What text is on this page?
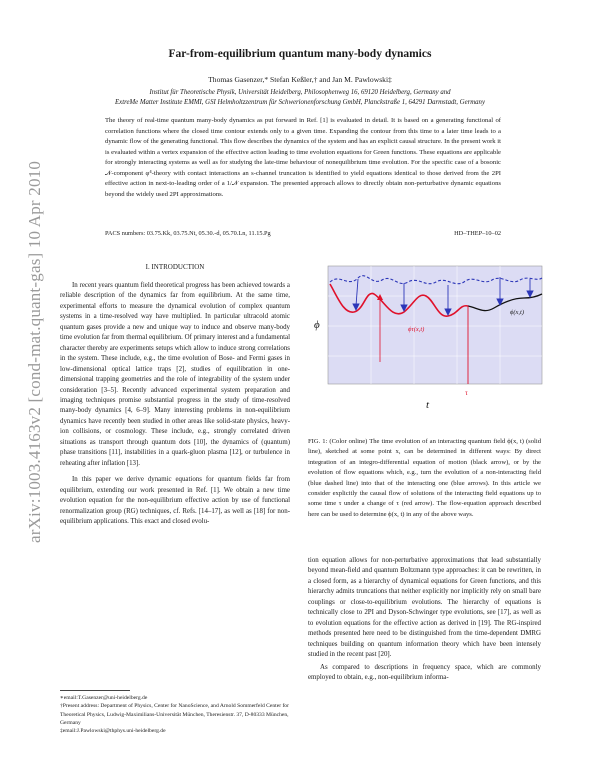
arXiv:1003.4163v2 [cond-mat.quant-gas] 10 Apr 2010
Far-from-equilibrium quantum many-body dynamics
Thomas Gasenzer,* Stefan Keßler,† and Jan M. Pawlowski‡
Institut für Theoretische Physik, Universität Heidelberg, Philosophenweg 16, 69120 Heidelberg, Germany and
ExtreMe Matter Institute EMMI, GSI Helmholtzzentrum für Schwerionenforschung GmbH, Planckstraße 1, 64291 Darmstadt, Germany
The theory of real-time quantum many-body dynamics as put forward in Ref. [1] is evaluated in detail. It is based on a generating functional of correlation functions where the closed time contour extends only to a given time. Expanding the contour from this time to a later time leads to a dynamic flow of the generating functional. This flow describes the dynamics of the system and has an explicit causal structure. In the present work it is evaluated within a vertex expansion of the effective action leading to time evolution equations for Green functions. These equations are applicable for strongly interacting systems as well as for studying the late-time behaviour of nonequilibrium time evolution. For the specific case of a bosonic 𝒩-component φ⁴-theory with contact interactions an s-channel truncation is identified to yield equations identical to those derived from the 2PI effective action in next-to-leading order of a 1/𝒩 expansion. The presented approach allows to directly obtain non-perturbative dynamic equations beyond the widely used 2PI approximations.
PACS numbers: 03.75.Kk, 03.75.Nt, 05.30.-d, 05.70.Ln, 11.15.Pg	HD–THEP–10–02
I. INTRODUCTION

In recent years quantum field theoretical progress has been achieved towards a reliable description of the dynamics far from equilibrium. At the same time, experimental efforts to measure the dynamical evolution of complex quantum systems in a time-resolved way have multiplied. In particular ultracold atomic quantum gases provide a new and unique way to induce and observe many-body time evolution far from thermal equilibrium. Of primary interest and a fundamental character thereby are experiments setups which allow to induce strong correlations in the system. These include, e.g., the time evolution of Bose- and Fermi gases in low-dimensional optical lattice traps [2], studies of equilibration in one-dimensional trapping geometries and the role of integrability of the system under consideration [3–5]. Recently advanced experimental system preparation and imaging techniques promise substantial progress in the study of time-resolved many-body dynamics [4, 6–9]. Many interesting problems in non-equilibrium dynamics have recently been studied in other areas like solid-state physics, heavy-ion collisions, or cosmology. These include, e.g., strongly correlated driven situations as transport through quantum dots [10], the dynamics of (quantum) phase transitions [11], instabilities in a quark-gluon plasma [12], or turbulence in reheating after inflation [13].

In this paper we derive dynamic equations for quantum fields far from equilibrium, extending our work presented in Ref. [1]. We obtain a new time evolution equation for the non-equilibrium effective action by use of functional renormalization group (RG) techniques, cf. Refs. [14–17], as well as [18] for non-equilibrium applications. This exact and closed evolu-

ϕ
t
τ
ϕτ(x,t)
ϕ(x,t)
FIG. 1: (Color online) The time evolution of an interacting quantum field ϕ(x, t) (solid line), sketched at some point x, can be determined in different ways: By direct integration of an integro-differential equation of motion (black arrow), or by the evolution of flow equations which, e.g., turn the evolution of a non-interacting field (blue dashed line) into that of the interacting one (blue arrows). In this article we consider explicitly the causal flow of solutions of the interacting field equations up to some time τ under a change of τ (red arrow). The flow-equation approach described here can be used to determine ϕ(x, t) in any of the above ways.

tion equation allows for non-perturbative approximations that lead substantially beyond mean-field and quantum Boltzmann type approaches: it can be rewritten, in a closed form, as a hierarchy of dynamical equations for Green functions, and this hierarchy admits truncations that neither explicitly nor implicitly rely on small bare couplings or close-to-equilibrium evolutions. The hierarchy of equations is technically close to 2PI and Dyson-Schwinger type evolutions, see [17], as well as to evolution equations for the effective action as derived in [19]. The RG-inspired methods presented here need to be distinguished from the time-dependent DMRG techniques building on quantum information theory which have been intensely studied in the recent past [20].

As compared to descriptions in frequency space, which are commonly employed to obtain, e.g., non-equilibrium informa-

∗email:T.Gasenzer@uni-heidelberg.de
†Present address: Department of Physics, Center for NanoScience, and Arnold Sommerfeld Center for Theoretical Physics, Ludwig-Maximilians-Universität München, Theresienstr. 37, D-80333 München, Germany
‡email:J.Pawlowski@thphys.uni-heidelberg.de
